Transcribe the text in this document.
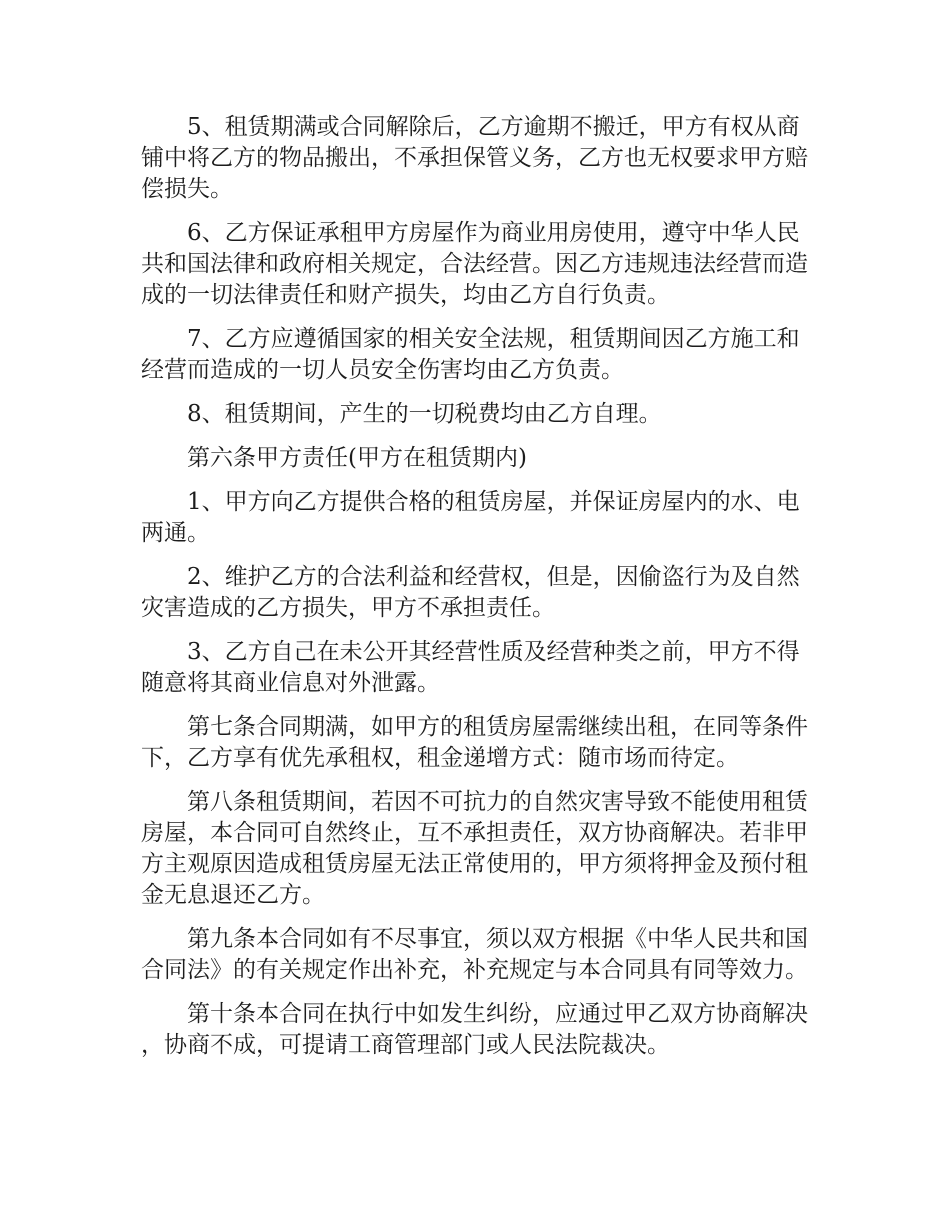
5、租赁期满或合同解除后，乙方逾期不搬迁，甲方有权从商铺中将乙方的物品搬出，不承担保管义务，乙方也无权要求甲方赔偿损失。

6、乙方保证承租甲方房屋作为商业用房使用，遵守中华人民共和国法律和政府相关规定，合法经营。因乙方违规违法经营而造成的一切法律责任和财产损失，均由乙方自行负责。

7、乙方应遵循国家的相关安全法规，租赁期间因乙方施工和经营而造成的一切人员安全伤害均由乙方负责。

8、租赁期间，产生的一切税费均由乙方自理。

第六条甲方责任(甲方在租赁期内)

1、甲方向乙方提供合格的租赁房屋，并保证房屋内的水、电两通。

2、维护乙方的合法利益和经营权，但是，因偷盗行为及自然灾害造成的乙方损失，甲方不承担责任。

3、乙方自己在未公开其经营性质及经营种类之前，甲方不得随意将其商业信息对外泄露。

第七条合同期满，如甲方的租赁房屋需继续出租，在同等条件下，乙方享有优先承租权，租金递增方式：随市场而待定。

第八条租赁期间，若因不可抗力的自然灾害导致不能使用租赁房屋，本合同可自然终止，互不承担责任，双方协商解决。若非甲方主观原因造成租赁房屋无法正常使用的，甲方须将押金及预付租金无息退还乙方。

第九条本合同如有不尽事宜，须以双方根据《中华人民共和国合同法》的有关规定作出补充，补充规定与本合同具有同等效力。

第十条本合同在执行中如发生纠纷，应通过甲乙双方协商解决，协商不成，可提请工商管理部门或人民法院裁决。
